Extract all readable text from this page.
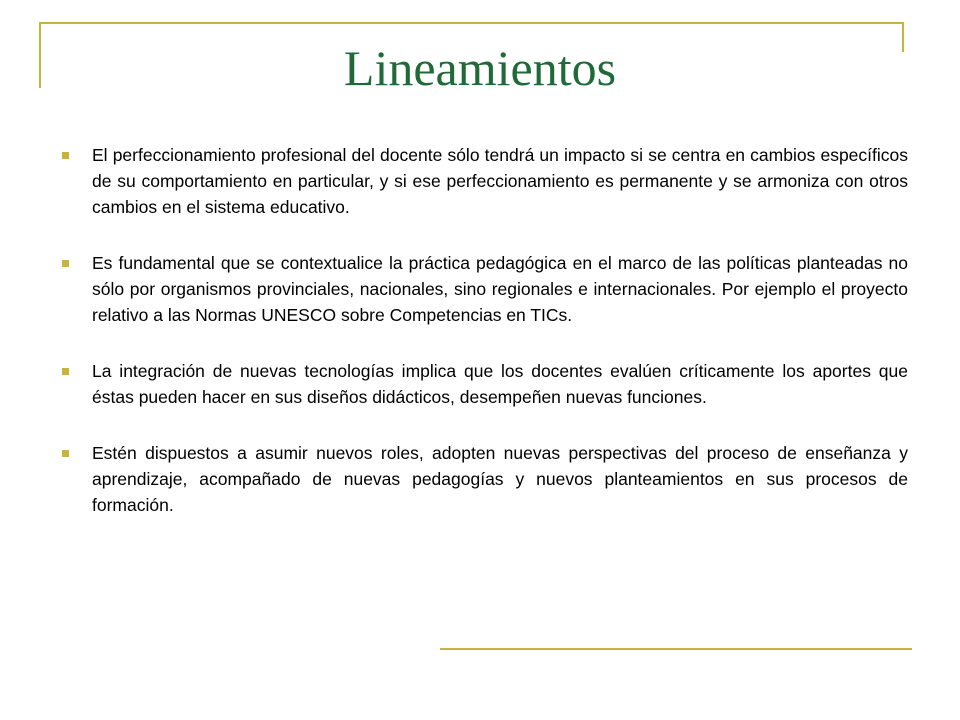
Lineamientos
El perfeccionamiento profesional del docente sólo tendrá un impacto si se centra en cambios específicos de su comportamiento en particular, y si ese perfeccionamiento es permanente y se armoniza con otros cambios en el sistema educativo.
Es fundamental que se contextualice la práctica pedagógica en el marco de las políticas planteadas no sólo por organismos provinciales, nacionales, sino regionales e internacionales. Por ejemplo el proyecto relativo a las Normas UNESCO sobre Competencias en TICs.
La integración de nuevas tecnologías implica que los docentes evalúen críticamente los aportes que éstas pueden hacer en sus diseños didácticos, desempeñen nuevas funciones.
Estén dispuestos a asumir nuevos roles, adopten nuevas perspectivas del proceso de enseñanza y aprendizaje, acompañado de nuevas pedagogías y nuevos planteamientos en sus procesos de formación.
